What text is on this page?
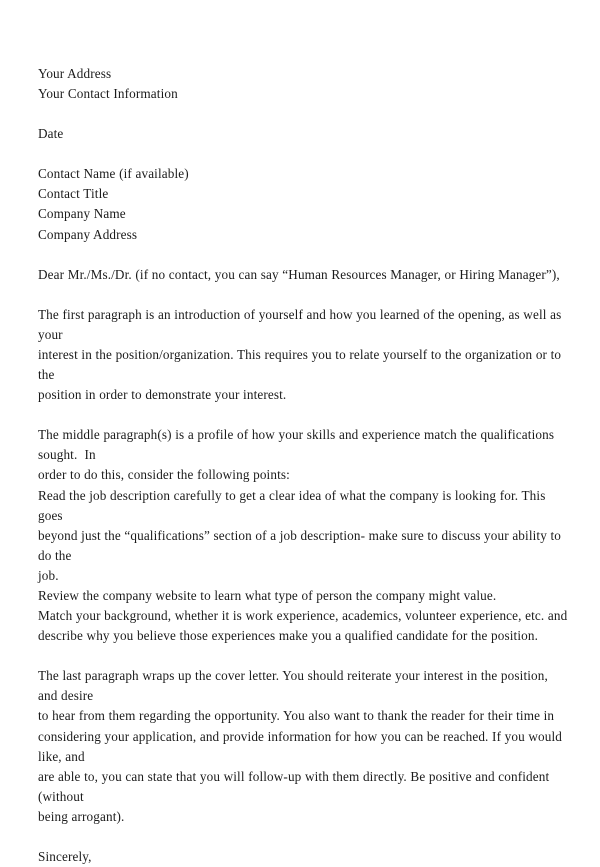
Your Address
Your Contact Information
Date
Contact Name (if available)
Contact Title
Company Name
Company Address
Dear Mr./Ms./Dr. (if no contact, you can say “Human Resources Manager, or Hiring Manager”),
The first paragraph is an introduction of yourself and how you learned of the opening, as well as your
interest in the position/organization. This requires you to relate yourself to the organization or to the
position in order to demonstrate your interest.
The middle paragraph(s) is a profile of how your skills and experience match the qualifications sought.  In
order to do this, consider the following points:
Read the job description carefully to get a clear idea of what the company is looking for. This goes
beyond just the “qualifications” section of a job description- make sure to discuss your ability to do the
job.
Review the company website to learn what type of person the company might value.
Match your background, whether it is work experience, academics, volunteer experience, etc. and
describe why you believe those experiences make you a qualified candidate for the position.
The last paragraph wraps up the cover letter. You should reiterate your interest in the position, and desire
to hear from them regarding the opportunity. You also want to thank the reader for their time in
considering your application, and provide information for how you can be reached. If you would like, and
are able to, you can state that you will follow-up with them directly. Be positive and confident (without
being arrogant).
Sincerely,
